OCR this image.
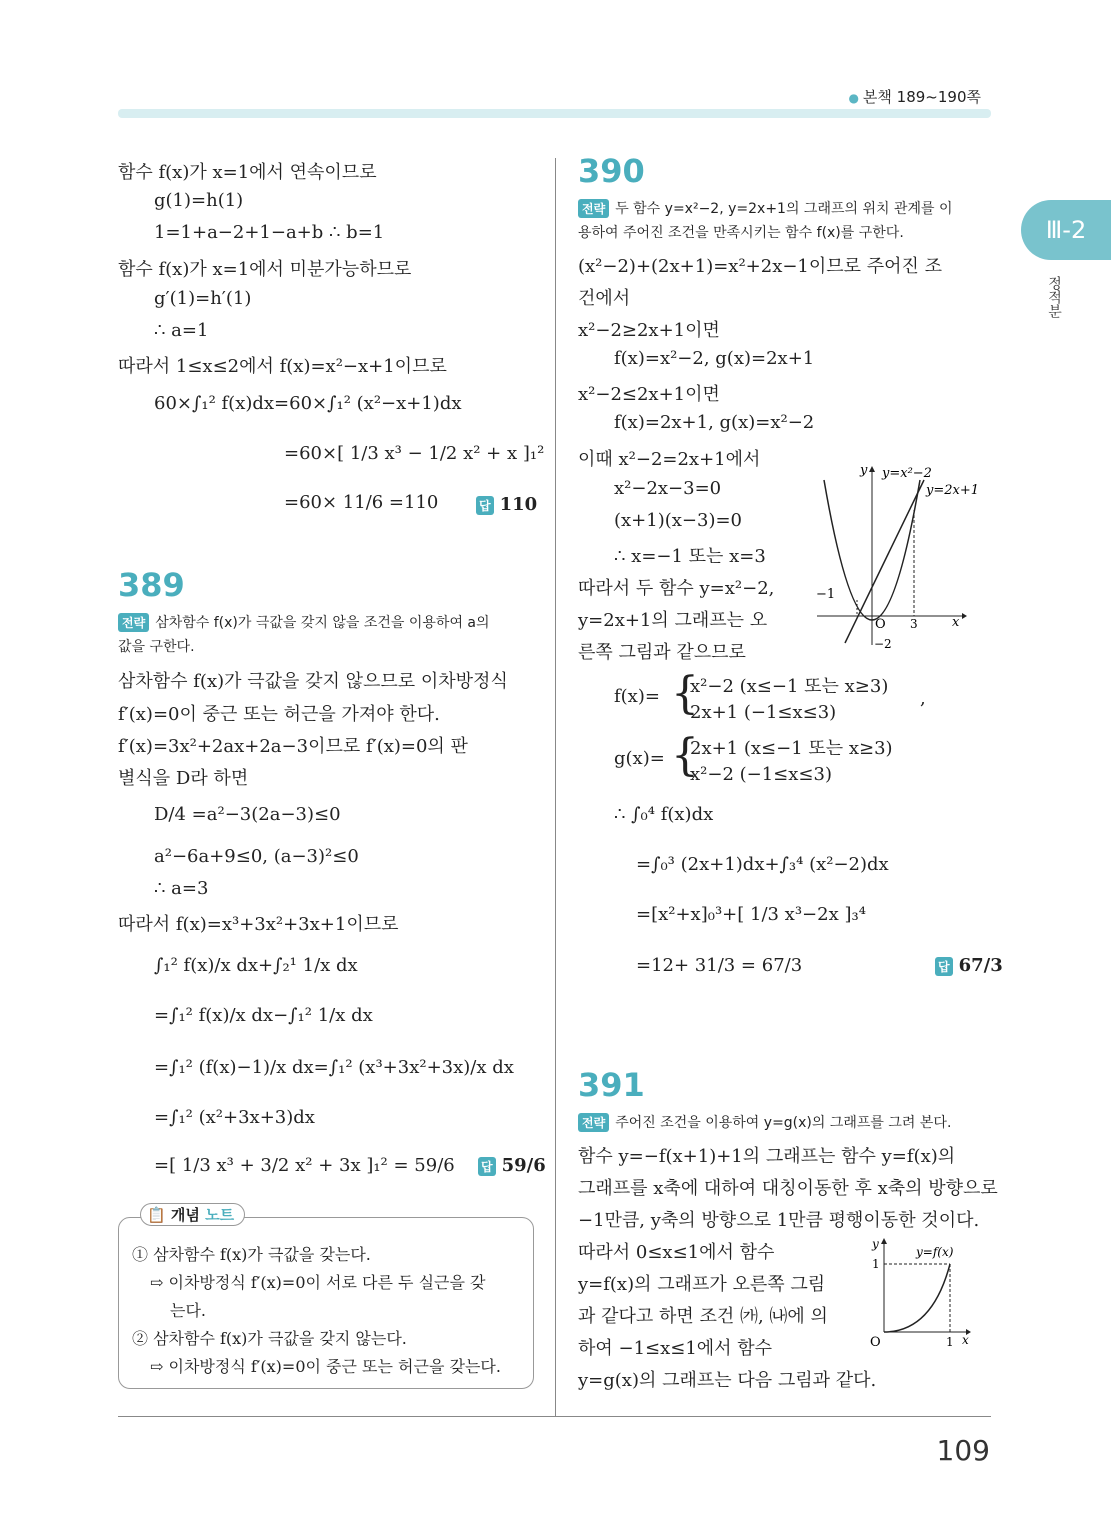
● 본책 189~190쪽
Ⅲ-2
정적분
109
함수 f(x)가 x=1에서 연속이므로
g(1)=h(1)
1=1+a−2+1−a+b ∴ b=1
함수 f(x)가 x=1에서 미분가능하므로
g′(1)=h′(1)
∴ a=1
따라서 1≤x≤2에서 f(x)=x²−x+1이므로
60×∫₁² f(x)dx=60×∫₁² (x²−x+1)dx
=60×[ 1/3 x³ − 1/2 x² + x ]₁²
=60× 11/6 =110	답 110
389
전략 삼차함수 f(x)가 극값을 갖지 않을 조건을 이용하여 a의
값을 구한다.
삼차함수 f(x)가 극값을 갖지 않으므로 이차방정식
f′(x)=0이 중근 또는 허근을 가져야 한다.
f′(x)=3x²+2ax+2a−3이므로 f′(x)=0의 판
별식을 D라 하면
D/4 =a²−3(2a−3)≤0
a²−6a+9≤0, (a−3)²≤0
∴ a=3
따라서 f(x)=x³+3x²+3x+1이므로
∫₁² f(x)/x dx+∫₂¹ 1/x dx
=∫₁² f(x)/x dx−∫₁² 1/x dx
=∫₁² (f(x)−1)/x dx=∫₁² (x³+3x²+3x)/x dx
=∫₁² (x²+3x+3)dx
=[ 1/3 x³ + 3/2 x² + 3x ]₁² = 59/6 답 59/6
📋 개념 노트
① 삼차함수 f(x)가 극값을 갖는다.
⇨ 이차방정식 f′(x)=0이 서로 다른 두 실근을 갖
는다.
② 삼차함수 f(x)가 극값을 갖지 않는다.
⇨ 이차방정식 f′(x)=0이 중근 또는 허근을 갖는다.
390
전략 두 함수 y=x²−2, y=2x+1의 그래프의 위치 관계를 이
용하여 주어진 조건을 만족시키는 함수 f(x)를 구한다.
(x²−2)+(2x+1)=x²+2x−1이므로 주어진 조
건에서
x²−2≥2x+1이면
f(x)=x²−2, g(x)=2x+1
x²−2≤2x+1이면
f(x)=2x+1, g(x)=x²−2
이때 x²−2=2x+1에서
x²−2x−3=0
(x+1)(x−3)=0
∴ x=−1 또는 x=3
따라서 두 함수 y=x²−2,
y=2x+1의 그래프는 오
른쪽 그림과 같으므로
y
x
O
y=x²−2
y=2x+1
−1
3
−2
f(x)= {
x²−2 (x≤−1 또는 x≥3)
2x+1 (−1≤x≤3)
,
g(x)= {
2x+1 (x≤−1 또는 x≥3)
x²−2 (−1≤x≤3)
∴ ∫₀⁴ f(x)dx
=∫₀³ (2x+1)dx+∫₃⁴ (x²−2)dx
=[x²+x]₀³+[ 1/3 x³−2x ]₃⁴
=12+ 31/3 = 67/3	답 67/3
391
전략 주어진 조건을 이용하여 y=g(x)의 그래프를 그려 본다.
함수 y=−f(x+1)+1의 그래프는 함수 y=f(x)의
그래프를 x축에 대하여 대칭이동한 후 x축의 방향으로
−1만큼, y축의 방향으로 1만큼 평행이동한 것이다.
따라서 0≤x≤1에서 함수
y=f(x)의 그래프가 오른쪽 그림
과 같다고 하면 조건 ㈎, ㈏에 의
하여 −1≤x≤1에서 함수
y=g(x)의 그래프는 다음 그림과 같다.
y
x
O
1
1
y=f(x)
